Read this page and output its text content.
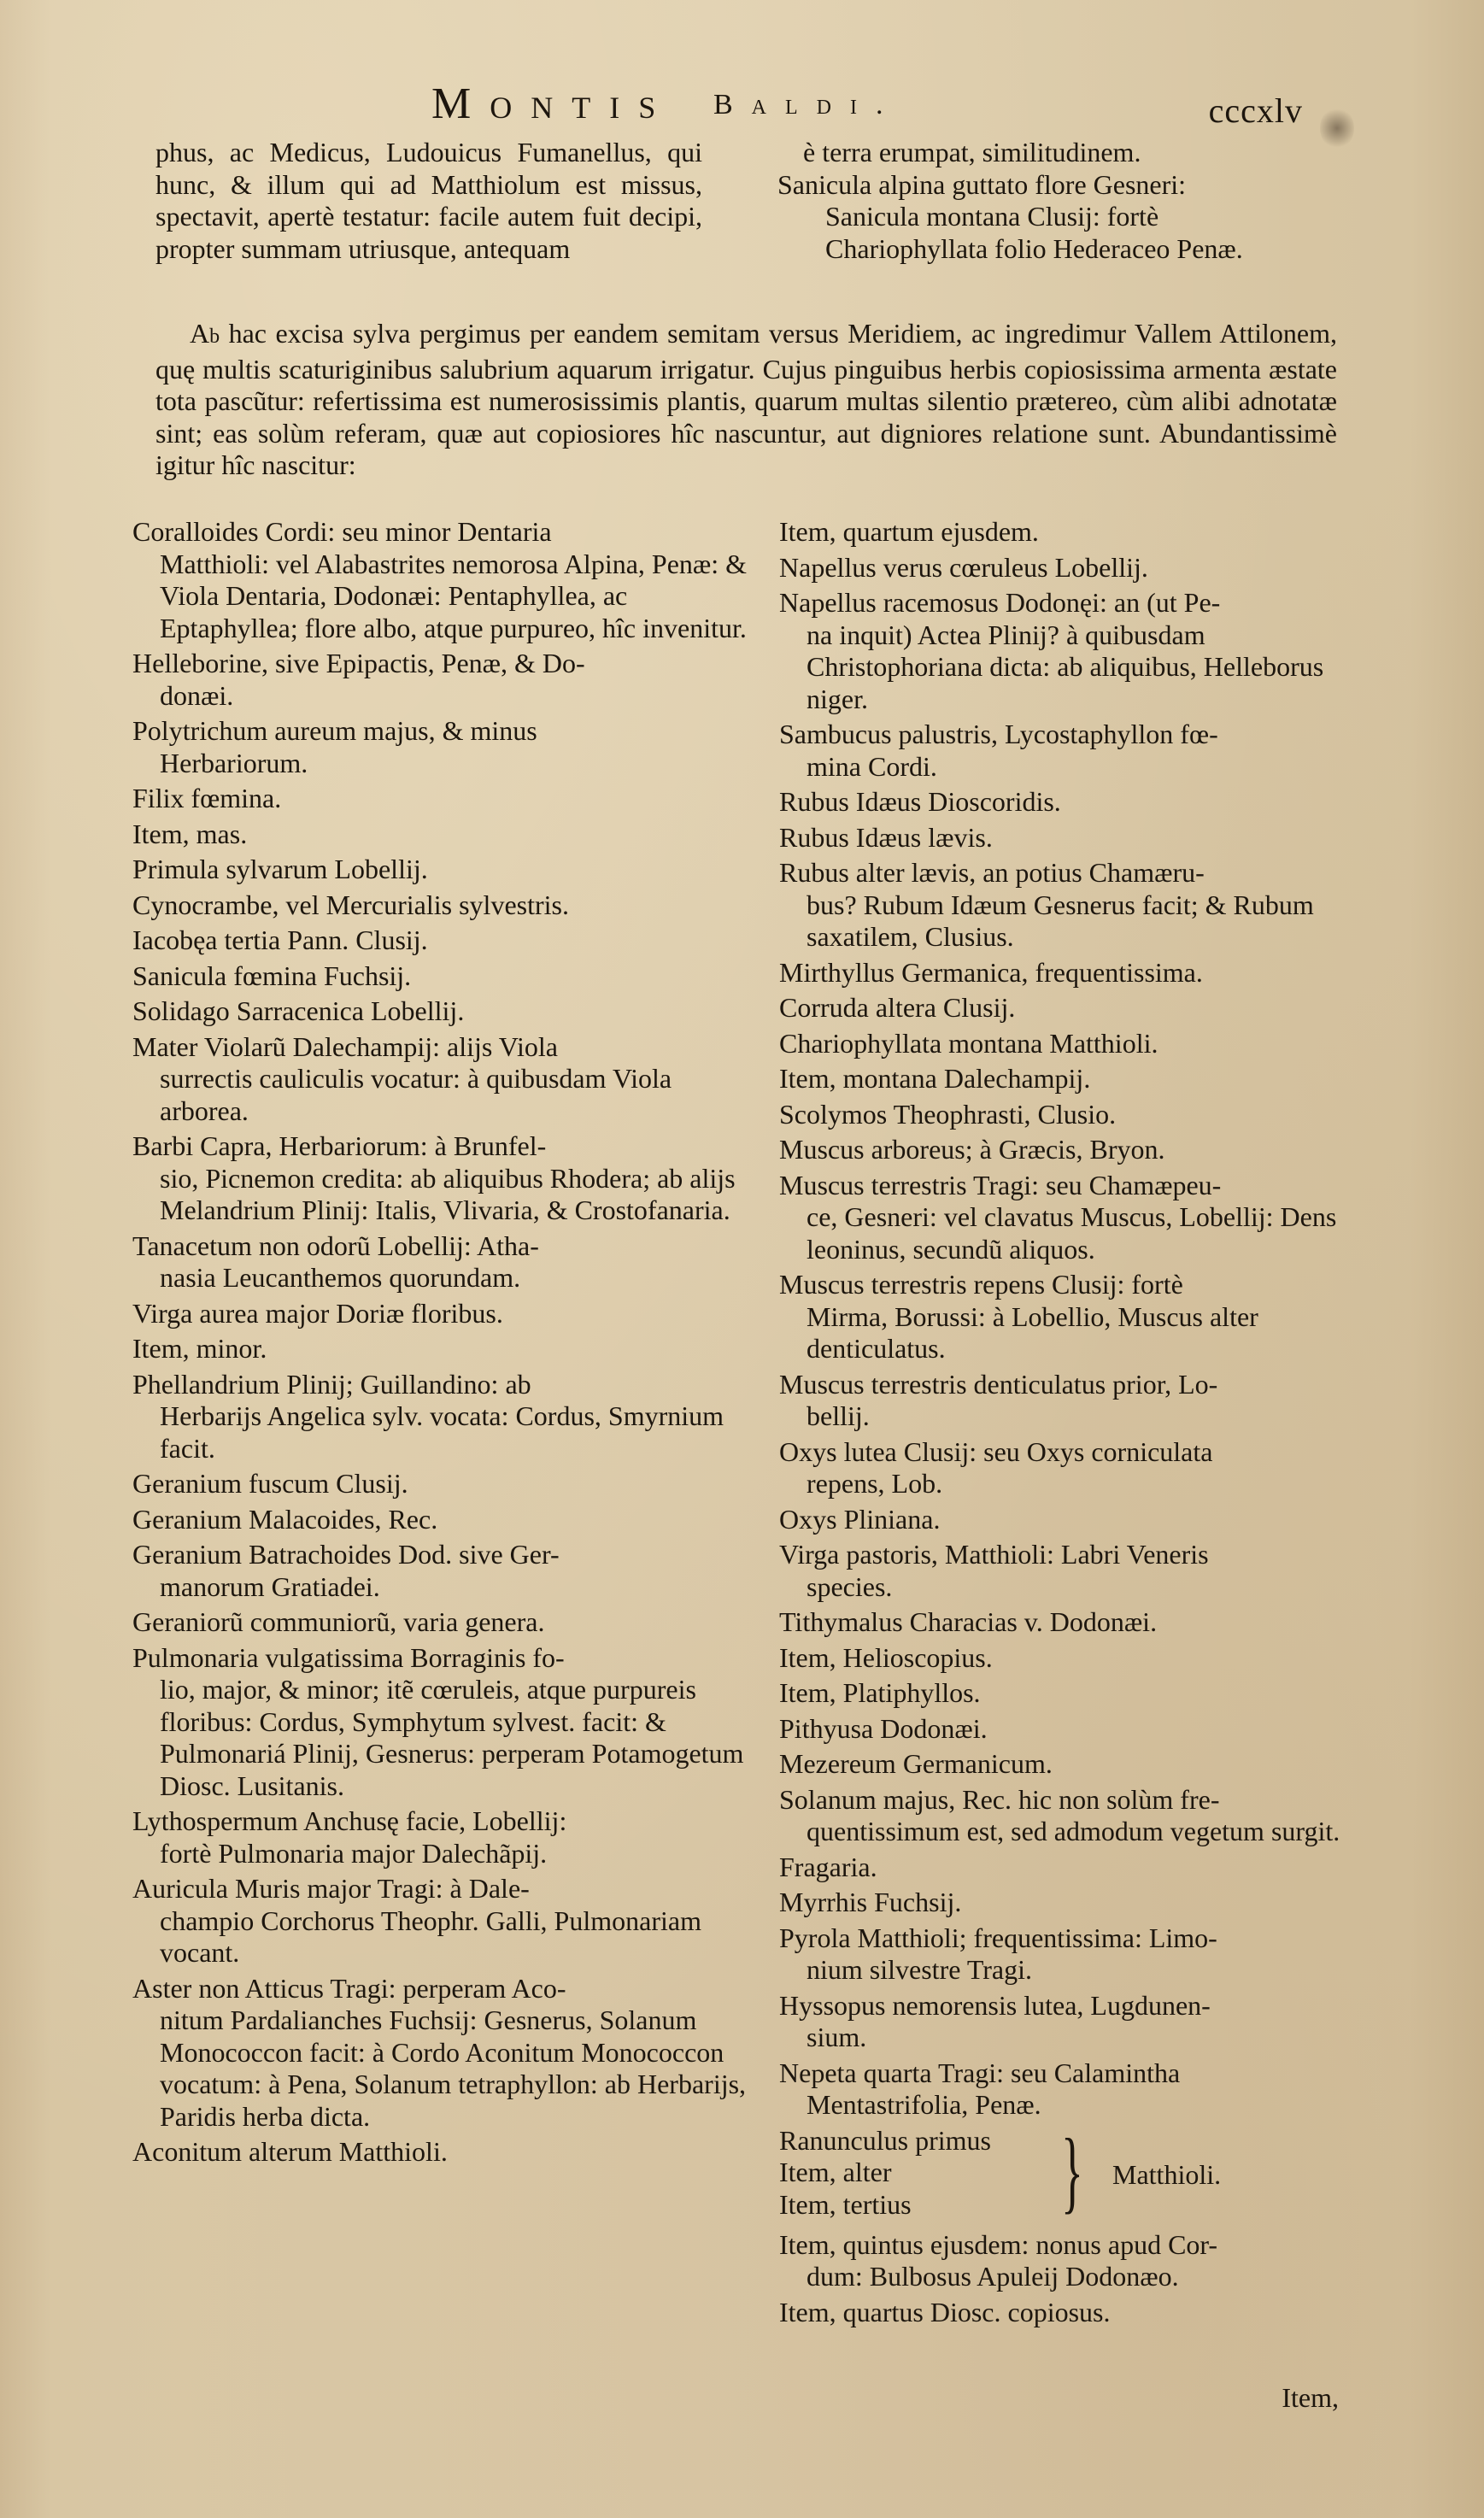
Montis Baldi.	cccxlv

phus, ac Medicus, Ludouicus Fumanellus, qui hunc, & illum qui ad Matthiolum est missus, spectavit, apertè testatur: facile autem fuit decipi, propter summam utriusque, antequam

è terra erumpat, similitudinem.

Sanicula alpina guttato flore Gesneri:

Sanicula montana Clusij: fortè Chariophyllata folio Hederaceo Penæ.

Ab hac excisa sylva pergimus per eandem semitam versus Meridiem, ac ingredimur Vallem Attilonem, quę multis scaturiginibus salubrium aquarum irrigatur. Cujus pinguibus herbis copiosissima armenta æstate tota pascũtur: refertissima est numerosissimis plantis, quarum multas silentio prætereo, cùm alibi adnotatæ sint; eas solùm referam, quæ aut copiosiores hîc nascuntur, aut digniores relatione sunt. Abundantissimè igitur hîc nascitur:
Coralloides Cordi: seu minor Dentaria
Matthioli: vel Alabastrites nemorosa Alpina, Penæ: & Viola Dentaria, Dodonæi: Pentaphyllea, ac Eptaphyllea; flore albo, atque purpureo, hîc invenitur.
Helleborine, sive Epipactis, Penæ, & Do-
donæi.
Polytrichum aureum majus, & minus
Herbariorum.
Filix fœmina.
Item, mas.
Primula sylvarum Lobellij.
Cynocrambe, vel Mercurialis sylvestris.
Iacobęa tertia Pann. Clusij.
Sanicula fœmina Fuchsij.
Solidago Sarracenica Lobellij.
Mater Violarũ Dalechampij: alijs Viola
surrectis cauliculis vocatur: à quibusdam Viola arborea.
Barbi Capra, Herbariorum: à Brunfel-
sio, Picnemon credita: ab aliquibus Rhodera; ab alijs Melandrium Plinij: Italis, Vlivaria, & Crostofanaria.
Tanacetum non odorũ Lobellij: Atha-
nasia Leucanthemos quorundam.
Virga aurea major Doriæ floribus.
Item, minor.
Phellandrium Plinij; Guillandino: ab
Herbarijs Angelica sylv. vocata: Cordus, Smyrnium facit.
Geranium fuscum Clusij.
Geranium Malacoides, Rec.
Geranium Batrachoides Dod. sive Ger-
manorum Gratiadei.
Geraniorũ communiorũ, varia genera.
Pulmonaria vulgatissima Borraginis fo-
lio, major, & minor; itẽ cœruleis, atque purpureis floribus: Cordus, Symphytum sylvest. facit: & Pulmonariá Plinij, Gesnerus: perperam Potamogetum Diosc. Lusitanis.
Lythospermum Anchusę facie, Lobellij:
fortè Pulmonaria major Dalechãpij.
Auricula Muris major Tragi: à Dale-
champio Corchorus Theophr. Galli, Pulmonariam vocant.
Aster non Atticus Tragi: perperam Aco-
nitum Pardalianches Fuchsij: Gesnerus, Solanum Monococcon facit: à Cordo Aconitum Monococcon vocatum: à Pena, Solanum tetraphyllon: ab Herbarijs, Paridis herba dicta.
Aconitum alterum Matthioli.
Item, quartum ejusdem.
Napellus verus cœruleus Lobellij.
Napellus racemosus Dodonęi: an (ut Pe-
na inquit) Actea Plinij? à quibusdam Christophoriana dicta: ab aliquibus, Helleborus niger.
Sambucus palustris, Lycostaphyllon fœ-
mina Cordi.
Rubus Idæus Dioscoridis.
Rubus Idæus lævis.
Rubus alter lævis, an potius Chamæru-
bus? Rubum Idæum Gesnerus facit; & Rubum saxatilem, Clusius.
Mirthyllus Germanica, frequentissima.
Corruda altera Clusij.
Chariophyllata montana Matthioli.
Item, montana Dalechampij.
Scolymos Theophrasti, Clusio.
Muscus arboreus; à Græcis, Bryon.
Muscus terrestris Tragi: seu Chamæpeu-
ce, Gesneri: vel clavatus Muscus, Lobellij: Dens leoninus, secundũ aliquos.
Muscus terrestris repens Clusij: fortè
Mirma, Borussi: à Lobellio, Muscus alter denticulatus.
Muscus terrestris denticulatus prior, Lo-
bellij.
Oxys lutea Clusij: seu Oxys corniculata
repens, Lob.
Oxys Pliniana.
Virga pastoris, Matthioli: Labri Veneris
species.
Tithymalus Characias v. Dodonæi.
Item, Helioscopius.
Item, Platiphyllos.
Pithyusa Dodonæi.
Mezereum Germanicum.
Solanum majus, Rec. hic non solùm fre-
quentissimum est, sed admodum vegetum surgit.
Fragaria.
Myrrhis Fuchsij.
Pyrola Matthioli; frequentissima: Limo-
nium silvestre Tragi.
Hyssopus nemorensis lutea, Lugdunen-
sium.
Nepeta quarta Tragi: seu Calamintha
Mentastrifolia, Penæ.
Ranunculus primus
Item, alter
Item, tertius	} Matthioli.
Item, quintus ejusdem: nonus apud Cor-
dum: Bulbosus Apuleij Dodonæo.
Item, quartus Diosc. copiosus.
Item,
